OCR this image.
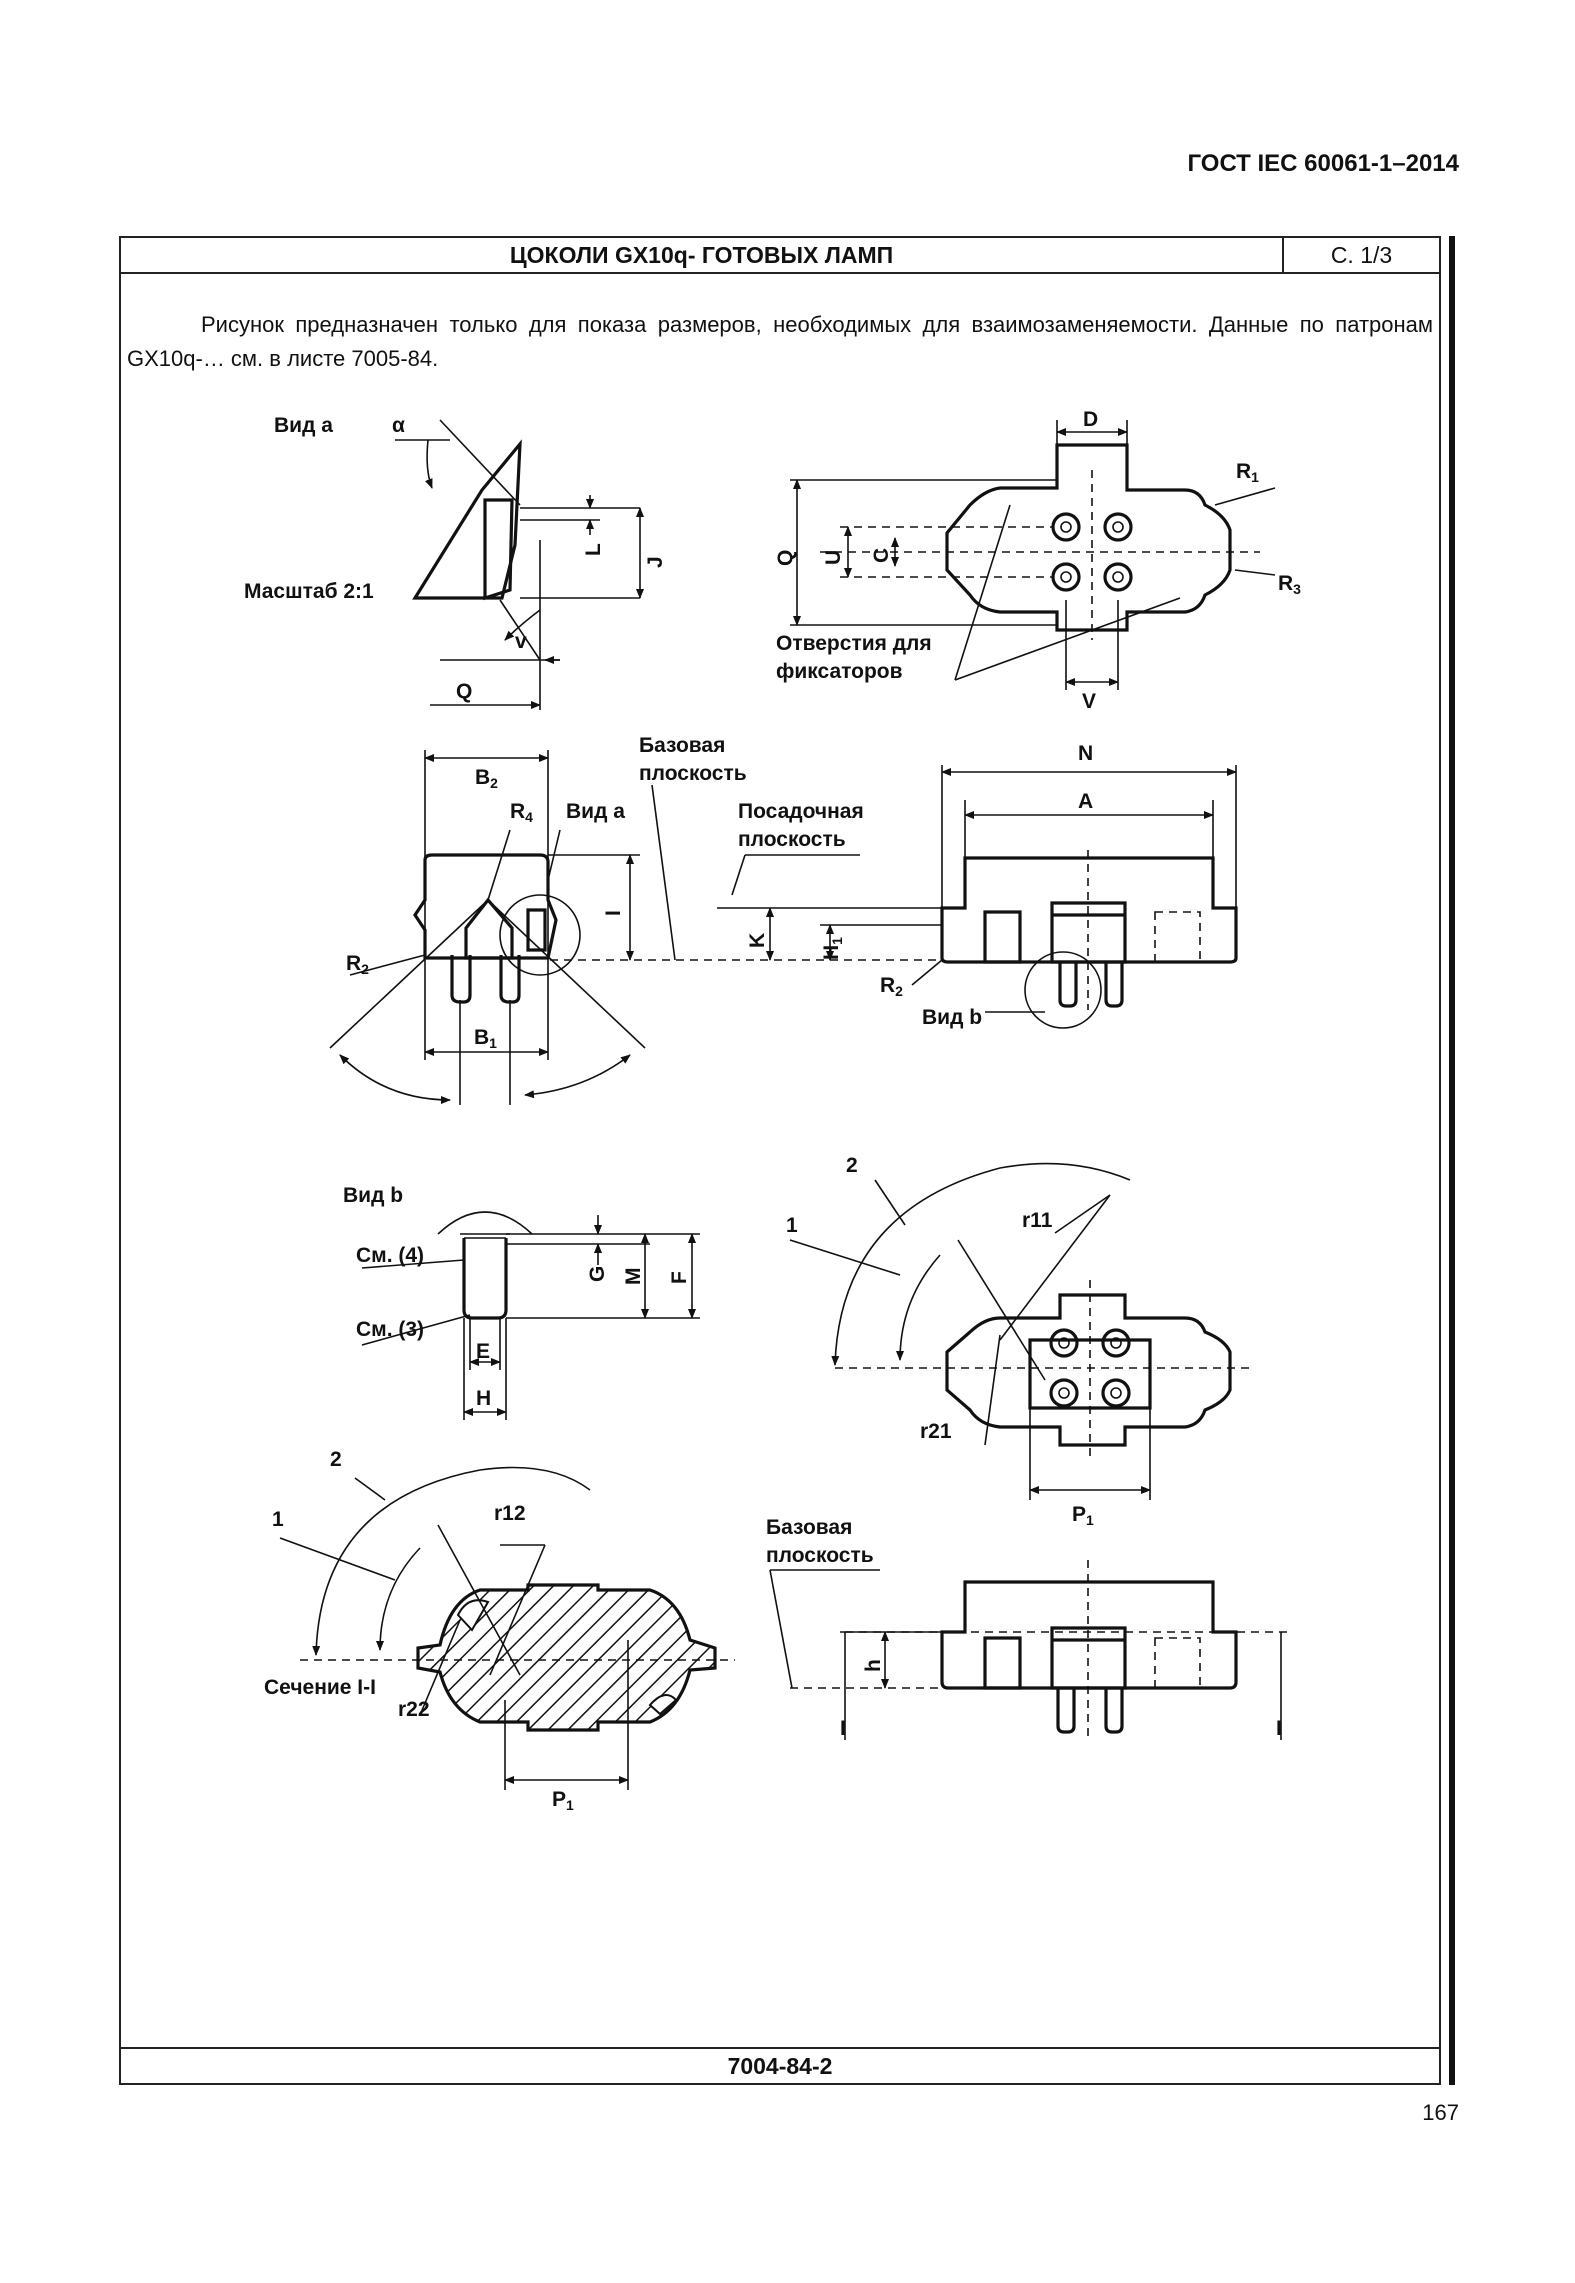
ГОСТ IEC 60061-1–2014
ЦОКОЛИ GX10q- ГОТОВЫХ ЛАМП	С. 1/3
Рисунок предназначен только для показа размеров, необходимых для взаимозаменяемости. Данные по патронам GX10q-… см. в листе 7005-84.
7004-84-2
Вид a	α
Масштаб 2:1
L
J
v
Q
D
R1
R3
Q U C
Отверстия для
фиксаторов
V
B2
R4 Вид a
Базовая
плоскость
Посадочная
плоскость
I
R2
B1
N
A
K
H1
R2
Вид b
Вид b
См. (4)
См. (3)
G M F
E
H
2
1	r11
r21
P1
2
1	r12
Сечение I-I
r22
P1
Базовая
плоскость
h
I	I
167
